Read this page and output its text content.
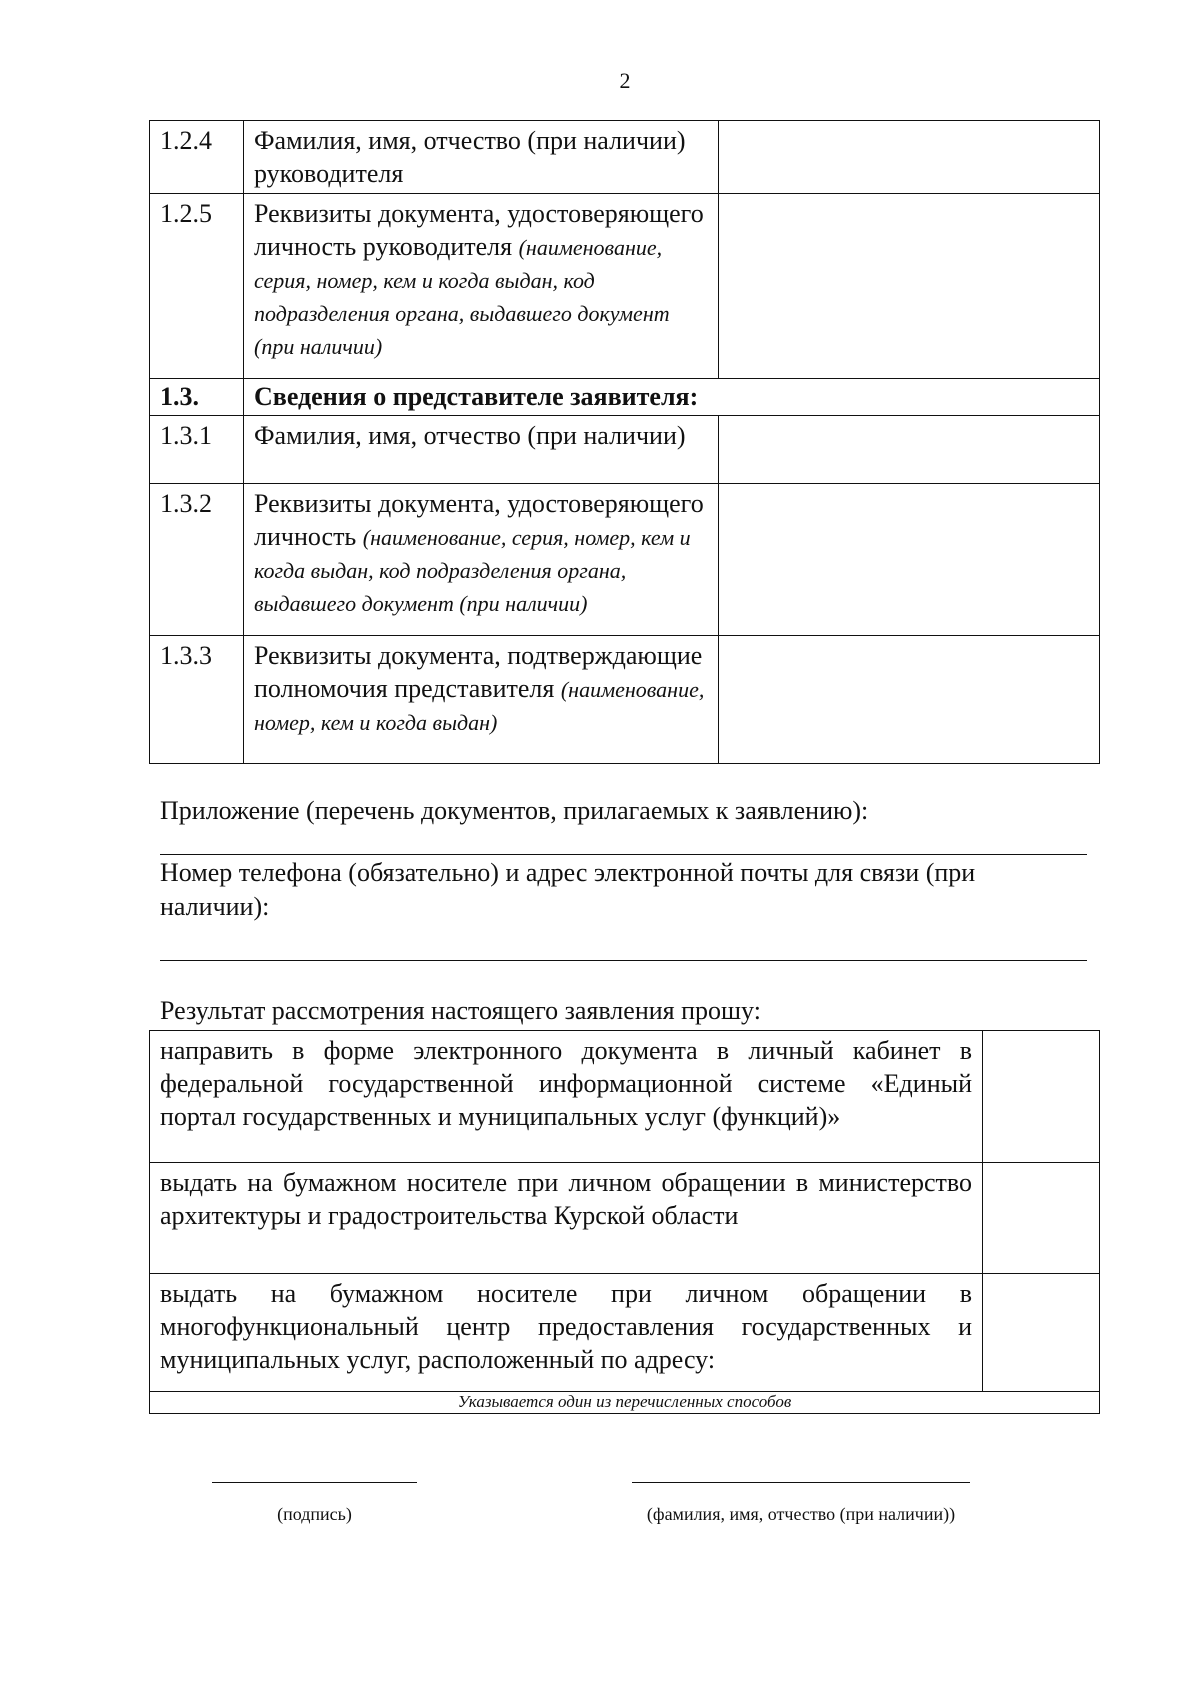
2
1.2.4	Фамилия, имя, отчество (при наличии) руководителя	
1.2.5	Реквизиты документа, удостоверяющего личность руководителя (наименование, серия, номер, кем и когда выдан, код подразделения органа, выдавшего документ (при наличии)	
1.3.	Сведения о представителе заявителя:	
1.3.1	Фамилия, имя, отчество (при наличии)	
1.3.2	Реквизиты документа, удостоверяющего личность (наименование, серия, номер, кем и когда выдан, код подразделения органа, выдавшего документ (при наличии)	
1.3.3	Реквизиты документа, подтверждающие полномочия представителя (наименование, номер, кем и когда выдан)	
Приложение (перечень документов, прилагаемых к заявлению):
Номер телефона (обязательно) и адрес электронной почты для связи (при наличии):
Результат рассмотрения настоящего заявления прошу:
направить в форме электронного документа в личный кабинет в федеральной государственной информационной системе «Единый портал государственных и муниципальных услуг (функций)»	
выдать на бумажном носителе при личном обращении в министерство архитектуры и градостроительства Курской области	
выдать на бумажном носителе при личном обращении в многофункциональный центр предоставления государственных и муниципальных услуг, расположенный по адресу:	
Указывается один из перечисленных способов	
(подпись)	(фамилия, имя, отчество (при наличии))
